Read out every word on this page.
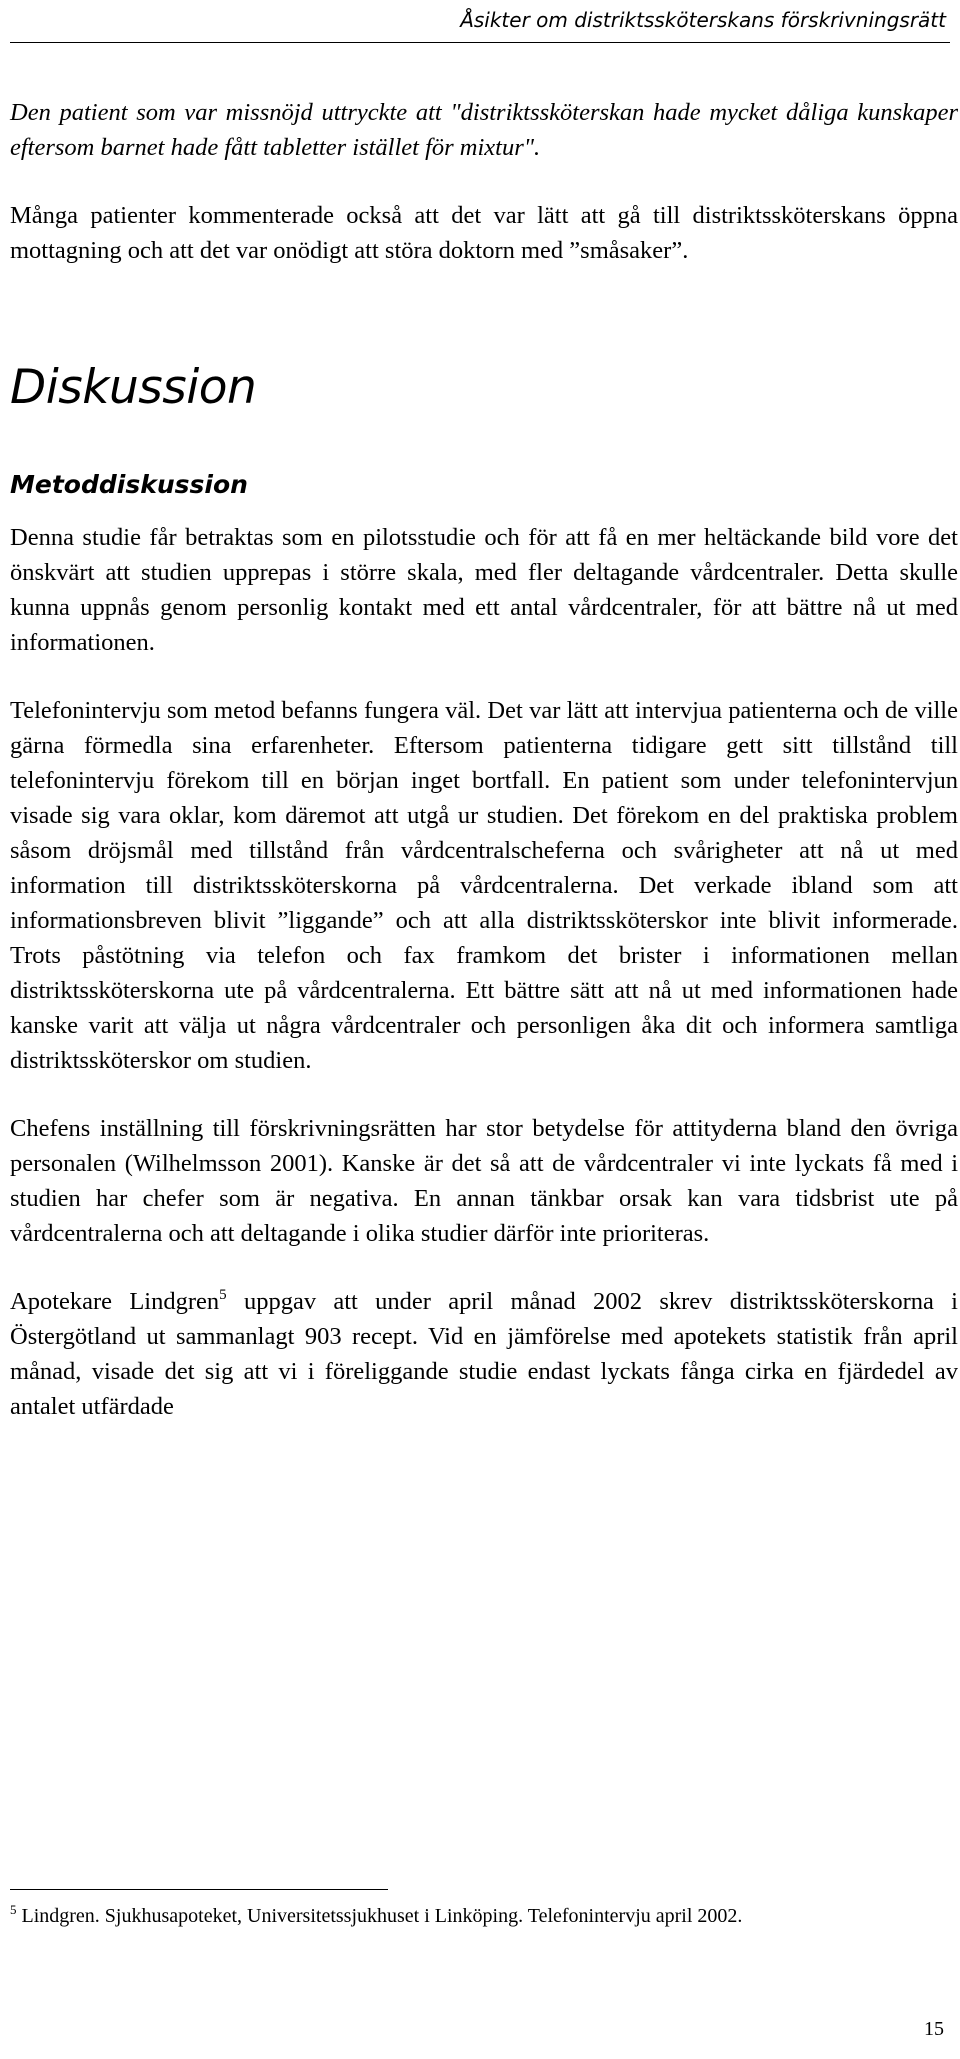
Åsikter om distriktssköterskans förskrivningsrätt

Den patient som var missnöjd uttryckte att "distriktssköterskan hade mycket dåliga kunskaper eftersom barnet hade fått tabletter istället för mixtur".

Många patienter kommenterade också att det var lätt att gå till distriktssköterskans öppna mottagning och att det var onödigt att störa doktorn med ”småsaker”.

Diskussion
Metoddiskussion

Denna studie får betraktas som en pilotsstudie och för att få en mer heltäckande bild vore det önskvärt att studien upprepas i större skala, med fler deltagande vårdcentraler. Detta skulle kunna uppnås genom personlig kontakt med ett antal vårdcentraler, för att bättre nå ut med informationen.

Telefonintervju som metod befanns fungera väl. Det var lätt att intervjua patienterna och de ville gärna förmedla sina erfarenheter. Eftersom patienterna tidigare gett sitt tillstånd till telefonintervju förekom till en början inget bortfall. En patient som under telefonintervjun visade sig vara oklar, kom däremot att utgå ur studien. Det förekom en del praktiska problem såsom dröjsmål med tillstånd från vårdcentralscheferna och svårigheter att nå ut med information till distriktssköterskorna på vårdcentralerna. Det verkade ibland som att informationsbreven blivit ”liggande” och att alla distriktssköterskor inte blivit informerade. Trots påstötning via telefon och fax framkom det brister i informationen mellan distriktssköterskorna ute på vårdcentralerna. Ett bättre sätt att nå ut med informationen hade kanske varit att välja ut några vårdcentraler och personligen åka dit och informera samtliga distriktssköterskor om studien.

Chefens inställning till förskrivningsrätten har stor betydelse för attityderna bland den övriga personalen (Wilhelmsson 2001). Kanske är det så att de vårdcentraler vi inte lyckats få med i studien har chefer som är negativa. En annan tänkbar orsak kan vara tidsbrist ute på vårdcentralerna och att deltagande i olika studier därför inte prioriteras.

Apotekare Lindgren$^5$ uppgav att under april månad 2002 skrev distriktssköterskorna i Östergötland ut sammanlagt 903 recept. Vid en jämförelse med apotekets statistik från april månad, visade det sig att vi i föreliggande studie endast lyckats fånga cirka en fjärdedel av antalet utfärdade

$^5$ Lindgren. Sjukhusapoteket, Universitetssjukhuset i Linköping. Telefonintervju april 2002.
15
